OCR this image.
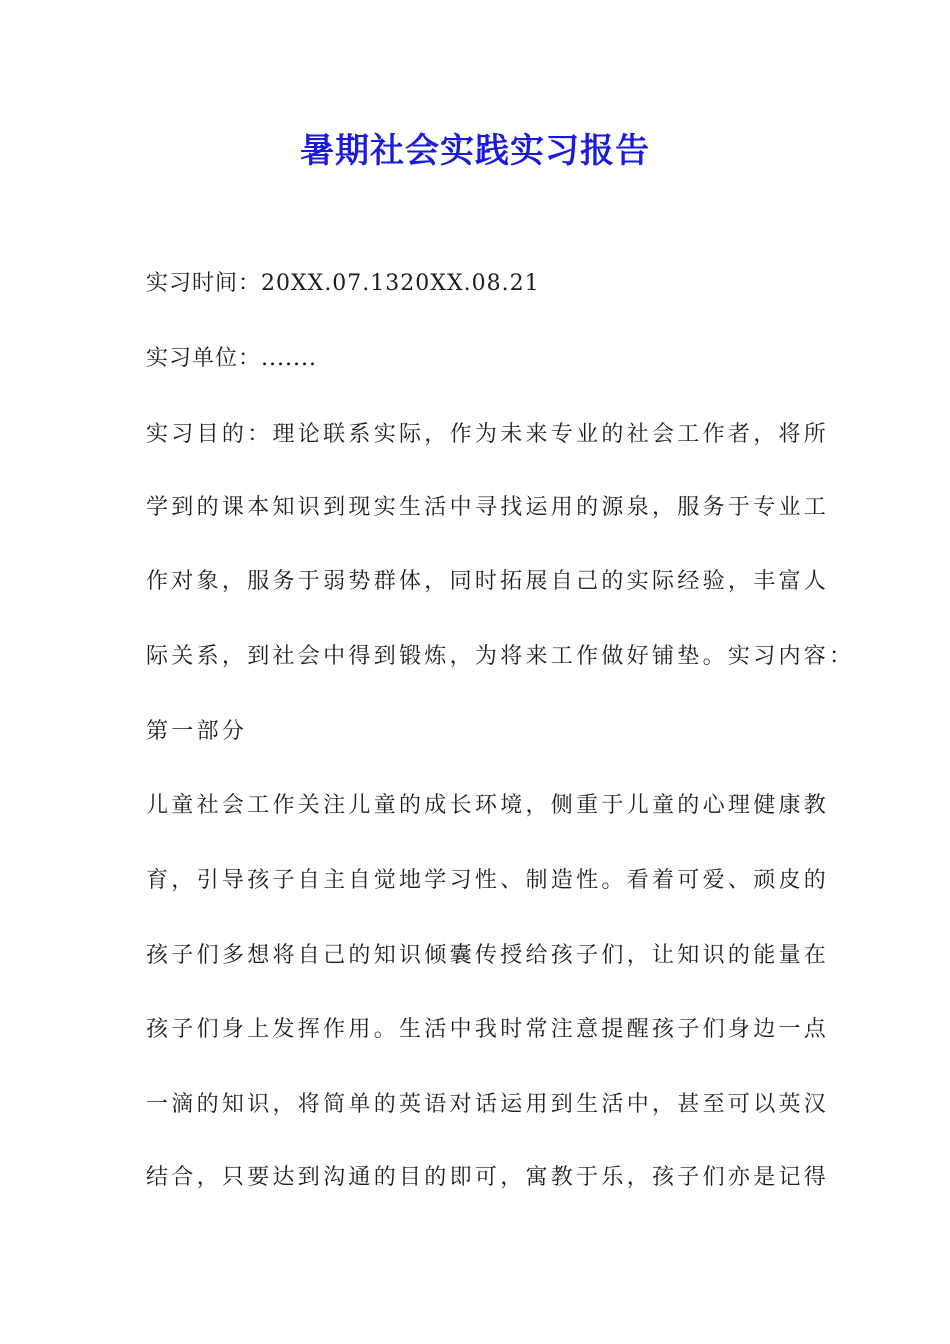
暑期社会实践实习报告
实习时间：20XX.07.1320XX.08.21
实习单位：.......
实习目的：理论联系实际，作为未来专业的社会工作者，将所
学到的课本知识到现实生活中寻找运用的源泉，服务于专业工
作对象，服务于弱势群体，同时拓展自己的实际经验，丰富人
际关系，到社会中得到锻炼，为将来工作做好铺垫。实习内容：
第一部分
儿童社会工作关注儿童的成长环境，侧重于儿童的心理健康教
育，引导孩子自主自觉地学习性、制造性。看着可爱、顽皮的
孩子们多想将自己的知识倾囊传授给孩子们，让知识的能量在
孩子们身上发挥作用。生活中我时常注意提醒孩子们身边一点
一滴的知识，将简单的英语对话运用到生活中，甚至可以英汉
结合，只要达到沟通的目的即可，寓教于乐，孩子们亦是记得
